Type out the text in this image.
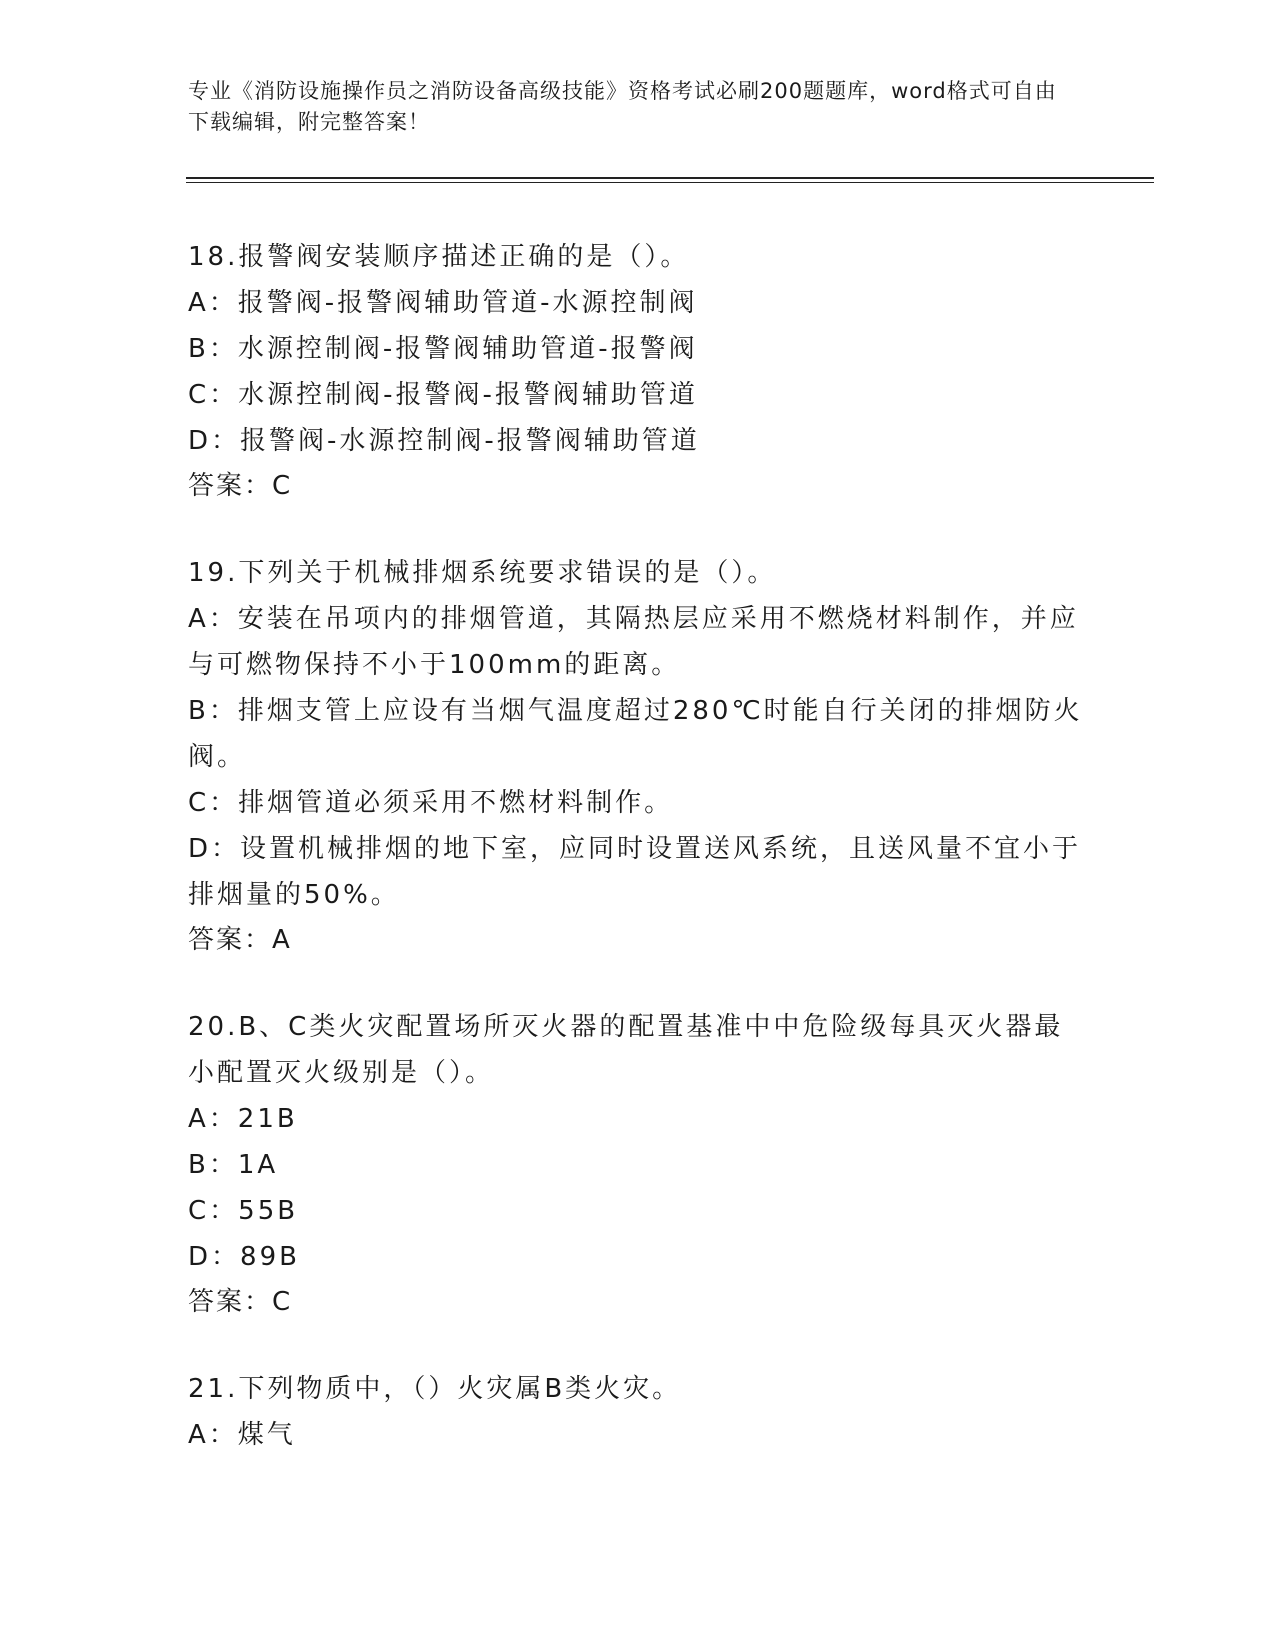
专业《消防设施操作员之消防设备高级技能》资格考试必刷200题题库，word格式可自由下载编辑，附完整答案！
18.报警阀安装顺序描述正确的是（）。
A：报警阀-报警阀辅助管道-水源控制阀
B：水源控制阀-报警阀辅助管道-报警阀
C：水源控制阀-报警阀-报警阀辅助管道
D：报警阀-水源控制阀-报警阀辅助管道
答案：C
19.下列关于机械排烟系统要求错误的是（）。
A：安装在吊项内的排烟管道，其隔热层应采用不燃烧材料制作，并应与可燃物保持不小于100mm的距离。
B：排烟支管上应设有当烟气温度超过280℃时能自行关闭的排烟防火阀。
C：排烟管道必须采用不燃材料制作。
D：设置机械排烟的地下室，应同时设置送风系统，且送风量不宜小于排烟量的50%。
答案：A
20.B、C类火灾配置场所灭火器的配置基准中中危险级每具灭火器最小配置灭火级别是（）。
A：21B
B：1A
C：55B
D：89B
答案：C
21.下列物质中，（）火灾属B类火灾。
A：煤气
